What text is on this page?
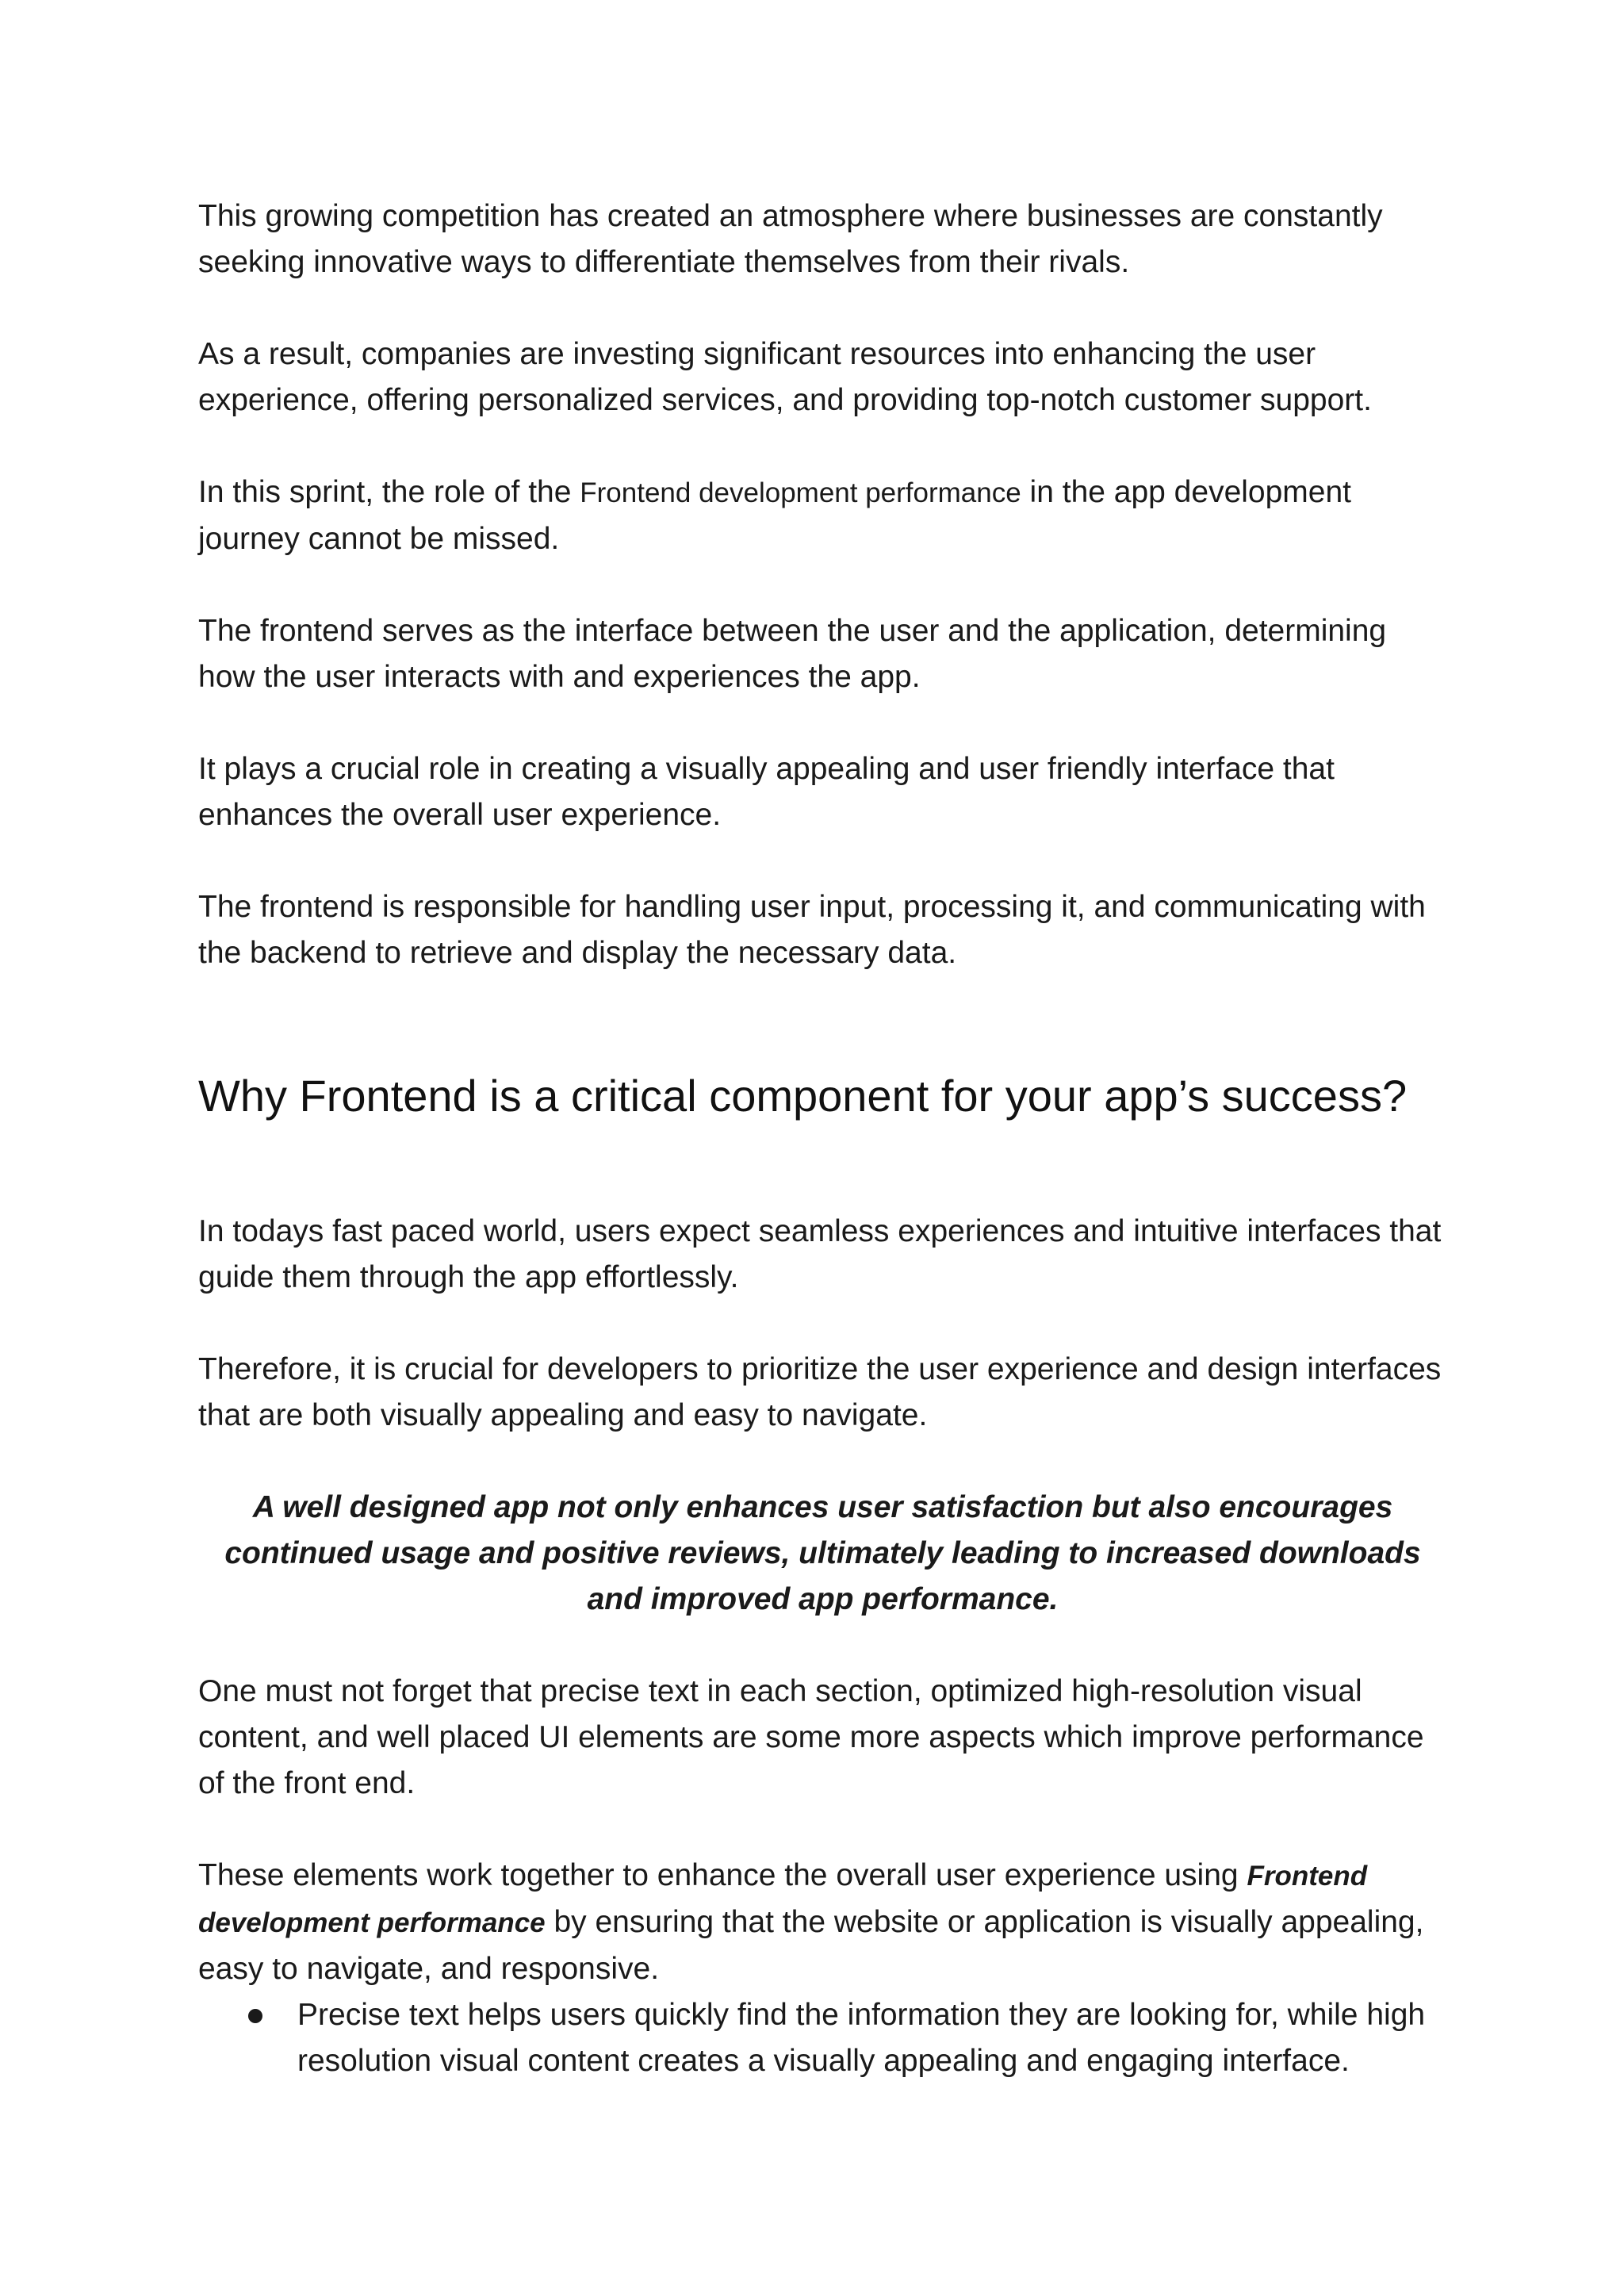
This growing competition has created an atmosphere where businesses are constantly seeking innovative ways to differentiate themselves from their rivals.

As a result, companies are investing significant resources into enhancing the user experience, offering personalized services, and providing top-notch customer support.

In this sprint, the role of the Frontend development performance in the app development journey cannot be missed.

The frontend serves as the interface between the user and the application, determining how the user interacts with and experiences the app.

It plays a crucial role in creating a visually appealing and user friendly interface that enhances the overall user experience.

The frontend is responsible for handling user input, processing it, and communicating with the backend to retrieve and display the necessary data.

Why Frontend is a critical component for your app’s success?

In todays fast paced world, users expect seamless experiences and intuitive interfaces that guide them through the app effortlessly.

Therefore, it is crucial for developers to prioritize the user experience and design interfaces that are both visually appealing and easy to navigate.

A well designed app not only enhances user satisfaction but also encourages continued usage and positive reviews, ultimately leading to increased downloads and improved app performance.

One must not forget that precise text in each section, optimized high-resolution visual content, and well placed UI elements are some more aspects which improve performance of the front end.

These elements work together to enhance the overall user experience using Frontend development performance by ensuring that the website or application is visually appealing, easy to navigate, and responsive.

Precise text helps users quickly find the information they are looking for, while high resolution visual content creates a visually appealing and engaging interface.
